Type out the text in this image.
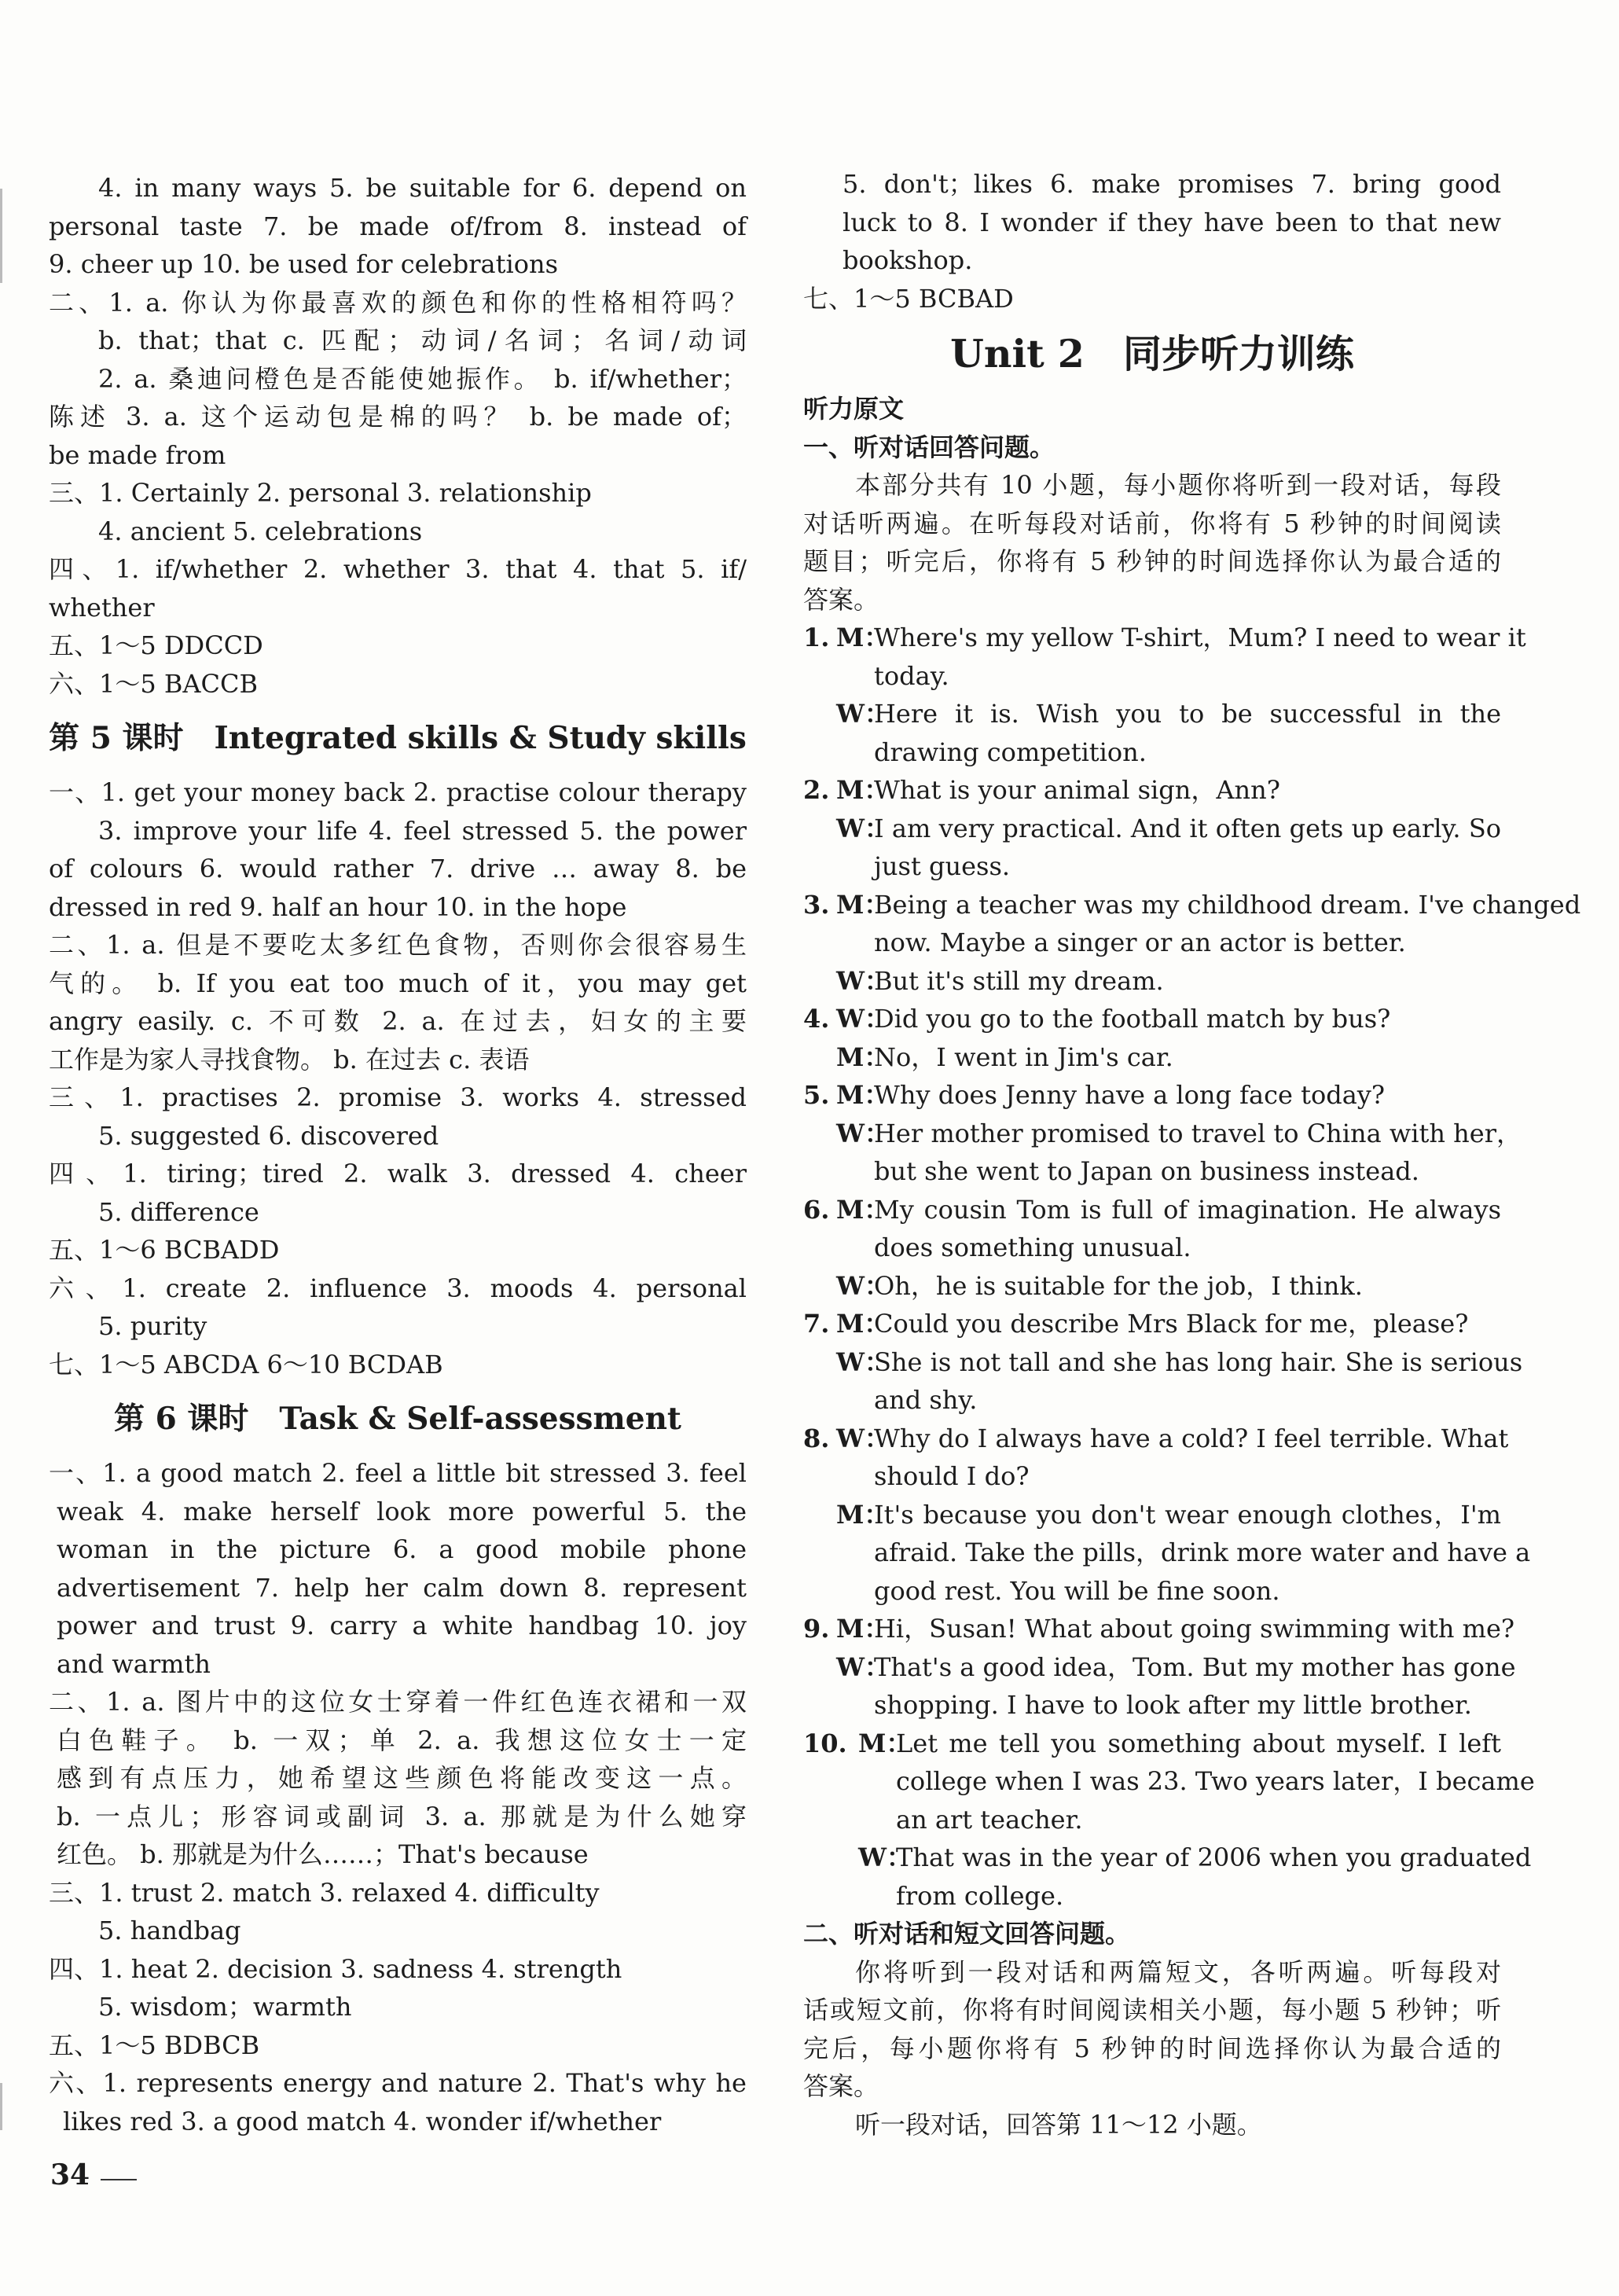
4. in many ways 5. be suitable for 6. depend on
personal taste 7. be made of/from 8. instead of
9. cheer up 10. be used for celebrations
二、1. a. 你认为你最喜欢的颜色和你的性格相符吗？
b. that；that c. 匹配；动词/名词；名词/动词
2. a. 桑迪问橙色是否能使她振作。 b. if/whether；
陈述 3. a. 这个运动包是棉的吗？ b. be made of；
be made from
三、1. Certainly 2. personal 3. relationship
4. ancient 5. celebrations
四、1. if/whether 2. whether 3. that 4. that 5. if/
whether
五、1～5 DDCCD
六、1～5 BACCB
第 5 课时　Integrated skills & Study skills
一、1. get your money back 2. practise colour therapy
3. improve your life 4. feel stressed 5. the power
of colours 6. would rather 7. drive … away 8. be
dressed in red 9. half an hour 10. in the hope
二、1. a. 但是不要吃太多红色食物，否则你会很容易生
气的。 b. If you eat too much of it，you may get
angry easily. c. 不可数 2. a. 在过去，妇女的主要
工作是为家人寻找食物。 b. 在过去 c. 表语
三、1. practises 2. promise 3. works 4. stressed
5. suggested 6. discovered
四、1. tiring；tired 2. walk 3. dressed 4. cheer
5. difference
五、1～6 BCBADD
六、1. create 2. influence 3. moods 4. personal
5. purity
七、1～5 ABCDA 6～10 BCDAB
第 6 课时　Task & Self-assessment
一、1. a good match 2. feel a little bit stressed 3. feel
weak 4. make herself look more powerful 5. the
woman in the picture 6. a good mobile phone
advertisement 7. help her calm down 8. represent
power and trust 9. carry a white handbag 10. joy
and warmth
二、1. a. 图片中的这位女士穿着一件红色连衣裙和一双
白色鞋子。 b. 一双；单 2. a. 我想这位女士一定
感到有点压力，她希望这些颜色将能改变这一点。
b. 一点儿；形容词或副词 3. a. 那就是为什么她穿
红色。 b. 那就是为什么……；That's because
三、1. trust 2. match 3. relaxed 4. difficulty
5. handbag
四、1. heat 2. decision 3. sadness 4. strength
5. wisdom；warmth
五、1～5 BDBCB
六、1. represents energy and nature 2. That's why he
likes red 3. a good match 4. wonder if/whether
5. don't；likes 6. make promises 7. bring good
luck to 8. I wonder if they have been to that new
bookshop.
七、1～5 BCBAD
Unit 2　同步听力训练
听力原文
一、听对话回答问题。
本部分共有 10 小题，每小题你将听到一段对话，每段
对话听两遍。在听每段对话前，你将有 5 秒钟的时间阅读
题目；听完后，你将有 5 秒钟的时间选择你认为最合适的
答案。
1. M：
Where's my yellow T-shirt，Mum? I need to wear it
today.
W：
Here it is. Wish you to be successful in the
drawing competition.
2. M：
What is your animal sign，Ann?
W：
I am very practical. And it often gets up early. So
just guess.
3. M：
Being a teacher was my childhood dream. I've changed
now. Maybe a singer or an actor is better.
W：
But it's still my dream.
4. W：
Did you go to the football match by bus?
M：
No，I went in Jim's car.
5. M：
Why does Jenny have a long face today?
W：
Her mother promised to travel to China with her，
but she went to Japan on business instead.
6. M：
My cousin Tom is full of imagination. He always
does something unusual.
W：
Oh，he is suitable for the job，I think.
7. M：
Could you describe Mrs Black for me，please?
W：
She is not tall and she has long hair. She is serious
and shy.
8. W：
Why do I always have a cold? I feel terrible. What
should I do?
M：
It's because you don't wear enough clothes，I'm
afraid. Take the pills，drink more water and have a
good rest. You will be fine soon.
9. M：
Hi，Susan! What about going swimming with me?
W：
That's a good idea，Tom. But my mother has gone
shopping. I have to look after my little brother.
10. M：
Let me tell you something about myself. I left
college when I was 23. Two years later，I became
an art teacher.
W：
That was in the year of 2006 when you graduated
from college.
二、听对话和短文回答问题。
你将听到一段对话和两篇短文，各听两遍。听每段对
话或短文前，你将有时间阅读相关小题，每小题 5 秒钟；听
完后，每小题你将有 5 秒钟的时间选择你认为最合适的
答案。
听一段对话，回答第 11～12 小题。
34
